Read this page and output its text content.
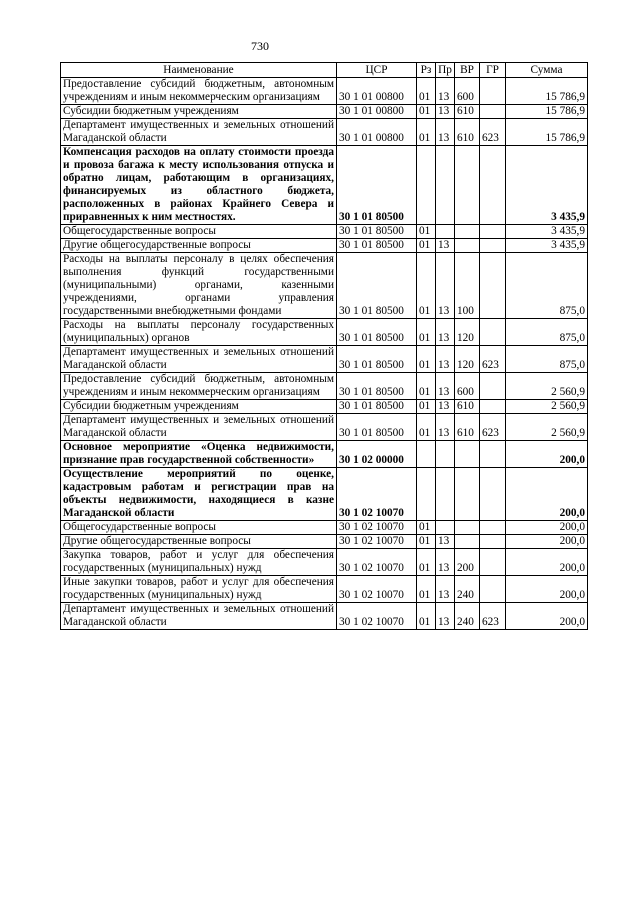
730
Наименование	ЦСР	Рз	Пр	ВР	ГР	Сумма
Предоставление субсидий бюджетным, автономным учреждениям и иным некоммерческим организациям	30 1 01 00800	01	13	600		15 786,9
Субсидии бюджетным учреждениям	30 1 01 00800	01	13	610		15 786,9
Департамент имущественных и земельных отношений Магаданской области	30 1 01 00800	01	13	610	623	15 786,9
Компенсация расходов на оплату стоимости проезда и провоза багажа к месту использования отпуска и обратно лицам, работающим в организациях, финансируемых из областного бюджета, расположенных в районах Крайнего Севера и приравненных к ним местностях.	30 1 01 80500					3 435,9
Общегосударственные вопросы	30 1 01 80500	01				3 435,9
Другие общегосударственные вопросы	30 1 01 80500	01	13			3 435,9
Расходы на выплаты персоналу в целях обеспечения выполнения функций государственными (муниципальными) органами, казенными учреждениями, органами управления государственными внебюджетными фондами	30 1 01 80500	01	13	100		875,0
Расходы на выплаты персоналу государственных (муниципальных) органов	30 1 01 80500	01	13	120		875,0
Департамент имущественных и земельных отношений Магаданской области	30 1 01 80500	01	13	120	623	875,0
Предоставление субсидий бюджетным, автономным учреждениям и иным некоммерческим организациям	30 1 01 80500	01	13	600		2 560,9
Субсидии бюджетным учреждениям	30 1 01 80500	01	13	610		2 560,9
Департамент имущественных и земельных отношений Магаданской области	30 1 01 80500	01	13	610	623	2 560,9
Основное мероприятие «Оценка недвижимости, признание прав государственной собственности»	30 1 02 00000					200,0
Осуществление мероприятий по оценке, кадастровым работам и регистрации прав на объекты недвижимости, находящиеся в казне Магаданской области	30 1 02 10070					200,0
Общегосударственные вопросы	30 1 02 10070	01				200,0
Другие общегосударственные вопросы	30 1 02 10070	01	13			200,0
Закупка товаров, работ и услуг для обеспечения государственных (муниципальных) нужд	30 1 02 10070	01	13	200		200,0
Иные закупки товаров, работ и услуг для обеспечения государственных (муниципальных) нужд	30 1 02 10070	01	13	240		200,0
Департамент имущественных и земельных отношений Магаданской области	30 1 02 10070	01	13	240	623	200,0
